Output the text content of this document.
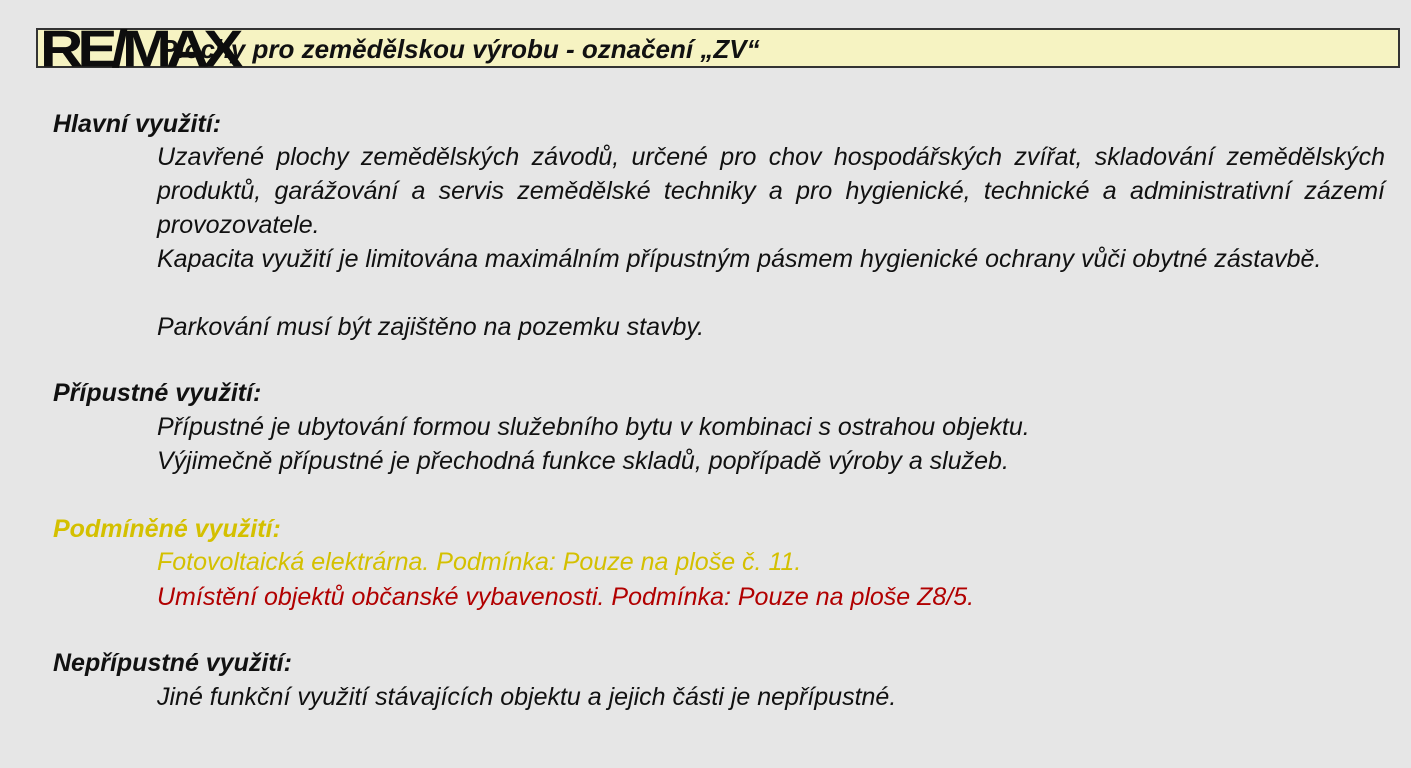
Plochy pro zemědělskou výrobu - označení „ZV“
RE/MAX
Hlavní využití:
Uzavřené plochy zemědělských závodů, určené pro chov hospodářských zvířat, skladování zemědělských produktů, garážování a servis zemědělské techniky a pro hygienické, technické a administrativní zázemí provozovatele.
Kapacita využití je limitována maximálním přípustným pásmem hygienické ochrany vůči obytné zástavbě.
Parkování musí být zajištěno na pozemku stavby.
Přípustné využití:
Přípustné je ubytování formou služebního bytu v kombinaci s ostrahou objektu.
Výjimečně přípustné je přechodná funkce skladů, popřípadě výroby a služeb.
Podmíněné využití:
Fotovoltaická elektrárna. Podmínka: Pouze na ploše č. 11.
Umístění objektů občanské vybavenosti. Podmínka: Pouze na ploše Z8/5.
Nepřípustné využití:
Jiné funkční využití stávajících objektu a jejich části je nepřípustné.
